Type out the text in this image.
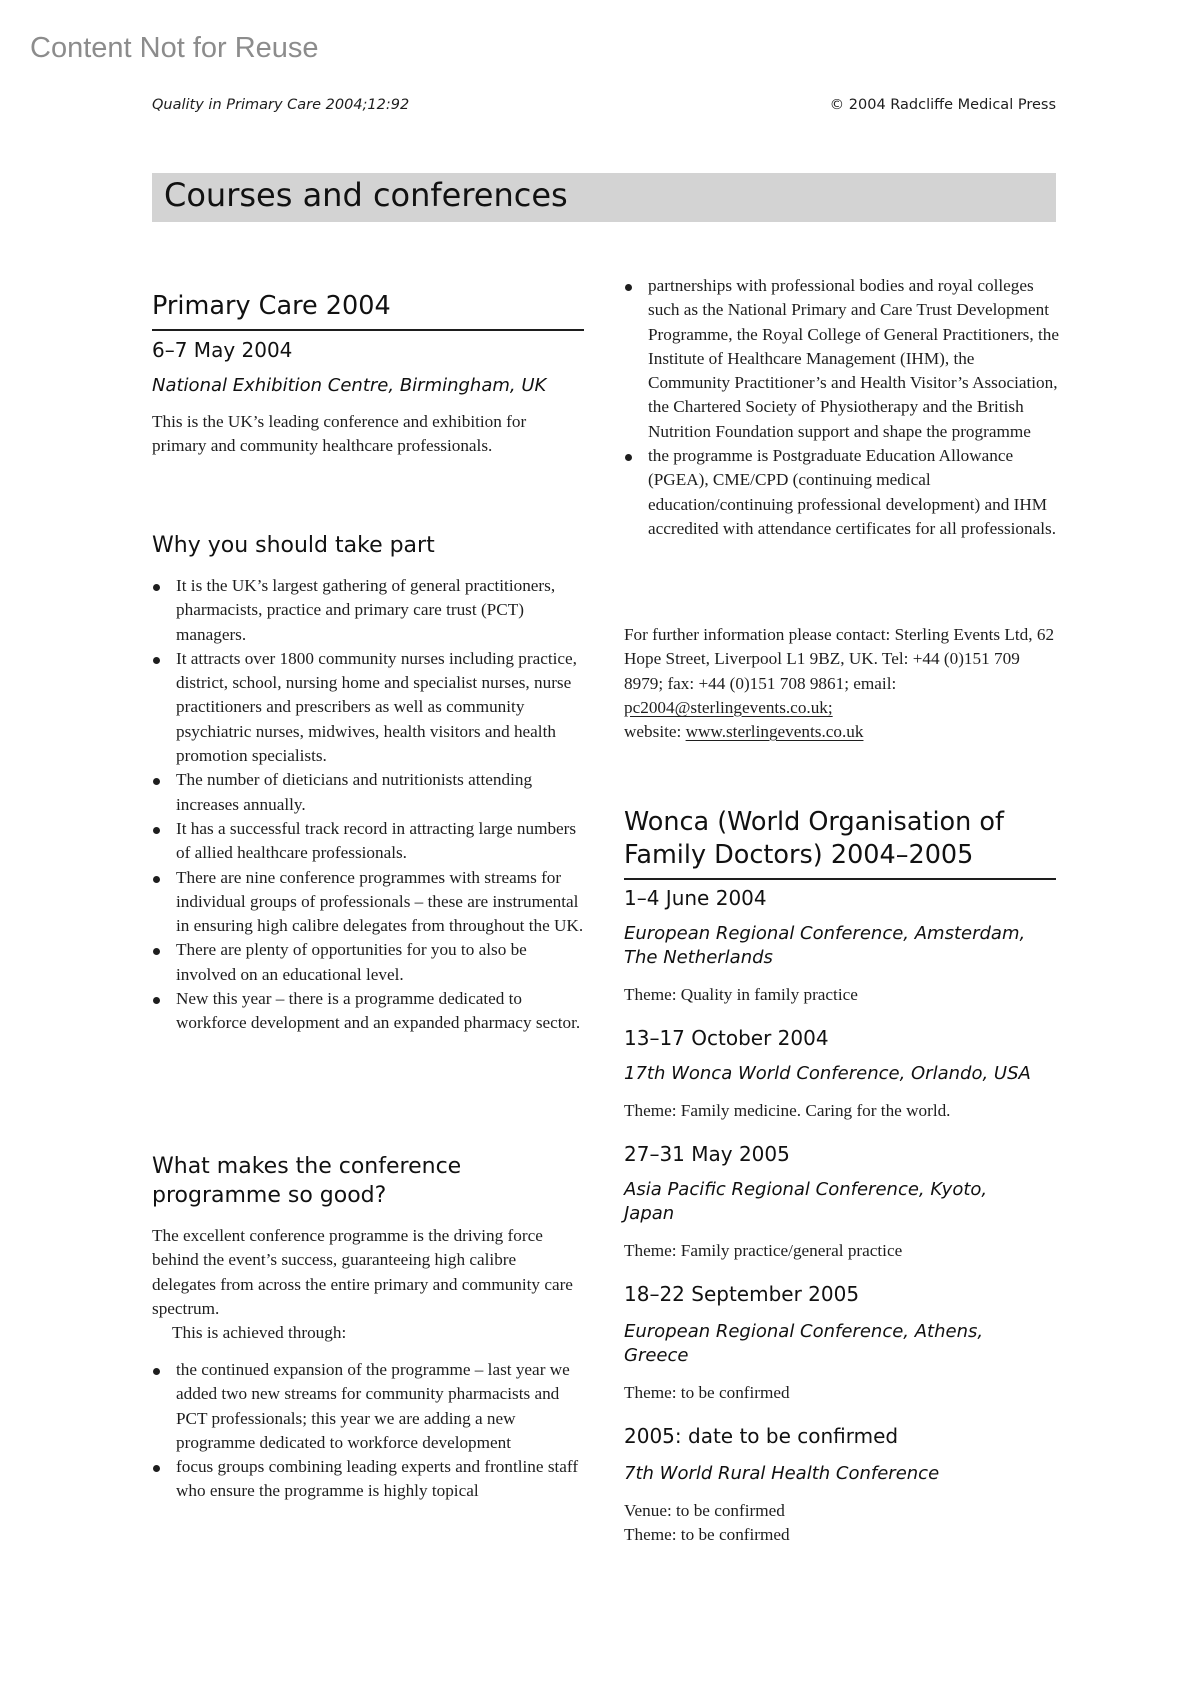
Content Not for Reuse
Quality in Primary Care 2004;12:92	© 2004 Radcliffe Medical Press
Courses and conferences
Primary Care 2004
6–7 May 2004
National Exhibition Centre, Birmingham, UK

This is the UK’s leading conference and exhibition for primary and community healthcare professionals.

Why you should take part
It is the UK’s largest gathering of general practitioners, pharmacists, practice and primary care trust (PCT) managers.
It attracts over 1800 community nurses including practice, district, school, nursing home and specialist nurses, nurse practitioners and prescribers as well as community psychiatric nurses, midwives, health visitors and health promotion specialists.
The number of dieticians and nutritionists attending increases annually.
It has a successful track record in attracting large numbers of allied healthcare professionals.
There are nine conference programmes with streams for individual groups of professionals – these are instrumental in ensuring high calibre delegates from throughout the UK.
There are plenty of opportunities for you to also be involved on an educational level.
New this year – there is a programme dedicated to workforce development and an expanded pharmacy sector.
What makes the conference
programme so good?

The excellent conference programme is the driving force behind the event’s success, guaranteeing high calibre delegates from across the entire primary and community care spectrum.

This is achieved through:

the continued expansion of the programme – last year we added two new streams for community pharmacists and PCT professionals; this year we are adding a new programme dedicated to workforce development
focus groups combining leading experts and frontline staff who ensure the programme is highly topical
partnerships with professional bodies and royal colleges such as the National Primary and Care Trust Development Programme, the Royal College of General Practitioners, the Institute of Healthcare Management (IHM), the Community Practitioner’s and Health Visitor’s Association, the Chartered Society of Physiotherapy and the British Nutrition Foundation support and shape the programme
the programme is Postgraduate Education Allowance (PGEA), CME/CPD (continuing medical education/continuing professional development) and IHM accredited with attendance certificates for all professionals.

For further information please contact: Sterling Events Ltd, 62 Hope Street, Liverpool L1 9BZ, UK. Tel: +44 (0)151 709 8979; fax: +44 (0)151 708 9861; email: pc2004@sterlingevents.co.uk;
website: www.sterlingevents.co.uk

Wonca (World Organisation of
Family Doctors) 2004–2005
1–4 June 2004
European Regional Conference, Amsterdam,
The Netherlands

Theme: Quality in family practice

13–17 October 2004
17th Wonca World Conference, Orlando, USA

Theme: Family medicine. Caring for the world.

27–31 May 2005
Asia Pacific Regional Conference, Kyoto,
Japan

Theme: Family practice/general practice

18–22 September 2005
European Regional Conference, Athens,
Greece

Theme: to be confirmed

2005: date to be confirmed
7th World Rural Health Conference

Venue: to be confirmed
Theme: to be confirmed
